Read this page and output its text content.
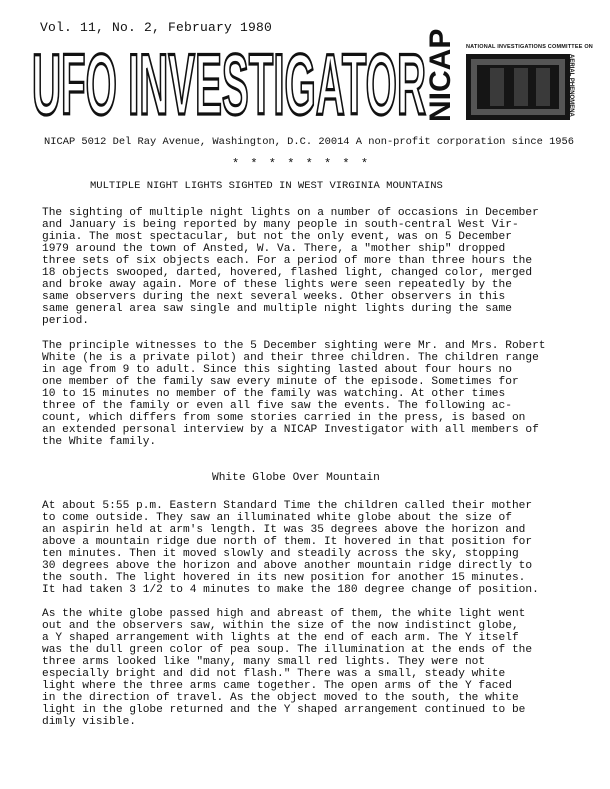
Vol. 11, No. 2, February 1980
UFO INVESTIGATOR	NATIONAL INVESTIGATIONS COMMITTEE ON
NICAP	AERIAL PHENOMENA
NICAP 5012 Del Ray Avenue, Washington, D.C. 20014 A non-profit corporation since 1956
* * * * * * * *
MULTIPLE NIGHT LIGHTS SIGHTED IN WEST VIRGINIA MOUNTAINS

The sighting of multiple night lights on a number of occasions in December
and January is being reported by many people in south-central West Vir-
ginia. The most spectacular, but not the only event, was on 5 December
1979 around the town of Ansted, W. Va. There, a "mother ship" dropped
three sets of six objects each. For a period of more than three hours the
18 objects swooped, darted, hovered, flashed light, changed color, merged
and broke away again. More of these lights were seen repeatedly by the
same observers during the next several weeks. Other observers in this
same general area saw single and multiple night lights during the same
period.

The principle witnesses to the 5 December sighting were Mr. and Mrs. Robert
White (he is a private pilot) and their three children. The children range
in age from 9 to adult. Since this sighting lasted about four hours no
one member of the family saw every minute of the episode. Sometimes for
10 to 15 minutes no member of the family was watching. At other times
three of the family or even all five saw the events. The following ac-
count, which differs from some stories carried in the press, is based on
an extended personal interview by a NICAP Investigator with all members of
the White family.

White Globe Over Mountain

At about 5:55 p.m. Eastern Standard Time the children called their mother
to come outside. They saw an illuminated white globe about the size of
an aspirin held at arm's length. It was 35 degrees above the horizon and
above a mountain ridge due north of them. It hovered in that position for
ten minutes. Then it moved slowly and steadily across the sky, stopping
30 degrees above the horizon and above another mountain ridge directly to
the south. The light hovered in its new position for another 15 minutes.
It had taken 3 1/2 to 4 minutes to make the 180 degree change of position.

As the white globe passed high and abreast of them, the white light went
out and the observers saw, within the size of the now indistinct globe,
a Y shaped arrangement with lights at the end of each arm. The Y itself
was the dull green color of pea soup. The illumination at the ends of the
three arms looked like "many, many small red lights. They were not
especially bright and did not flash." There was a small, steady white
light where the three arms came together. The open arms of the Y faced
in the direction of travel. As the object moved to the south, the white
light in the globe returned and the Y shaped arrangement continued to be
dimly visible.
